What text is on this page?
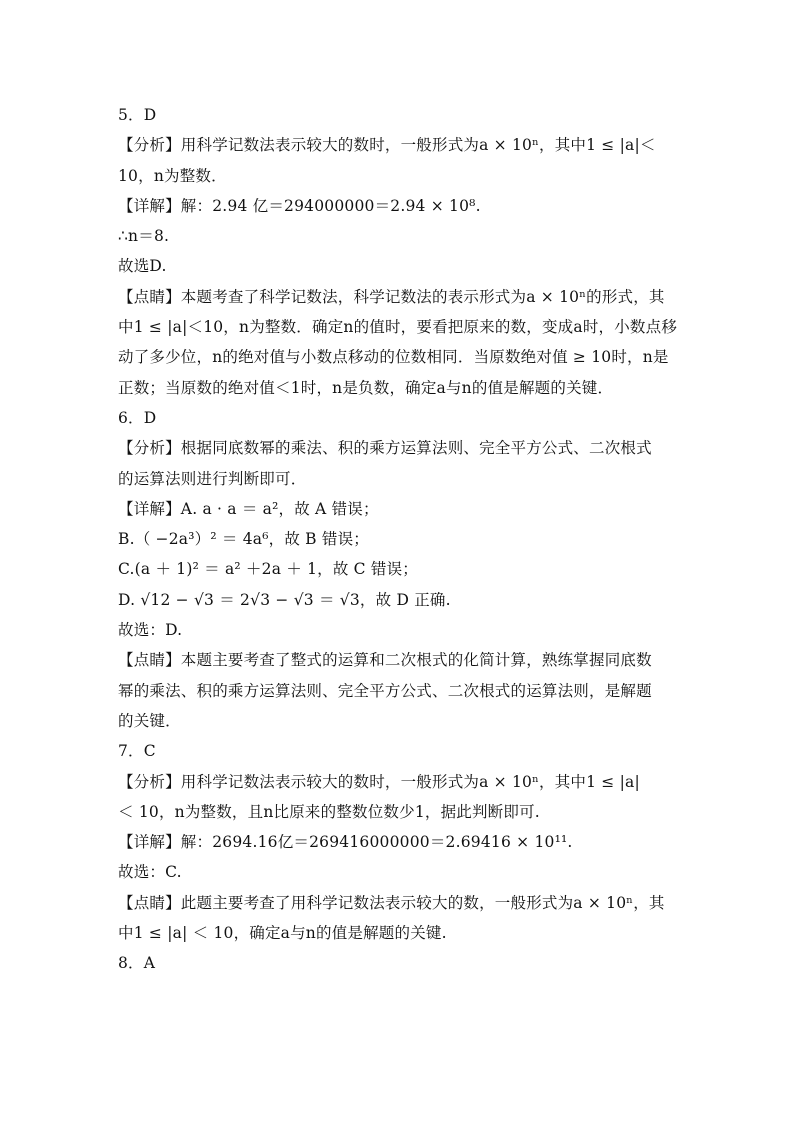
5．D
【分析】用科学记数法表示较大的数时，一般形式为a × 10ⁿ，其中1 ≤ |a|＜
10，n为整数．
【详解】解：2.94 亿＝294000000＝2.94 × 10⁸.
∴n＝8.
故选D.
【点睛】本题考查了科学记数法，科学记数法的表示形式为a × 10ⁿ的形式，其
中1 ≤ |a|＜10，n为整数．确定n的值时，要看把原来的数，变成a时，小数点移
动了多少位，n的绝对值与小数点移动的位数相同．当原数绝对值 ≥ 10时，n是
正数；当原数的绝对值＜1时，n是负数，确定a与n的值是解题的关键．
6．D
【分析】根据同底数幂的乘法、积的乘方运算法则、完全平方公式、二次根式
的运算法则进行判断即可．
【详解】A. a · a ＝ a²，故 A 错误；
B.（ −2a³）² ＝ 4a⁶，故 B 错误；
C.(a ＋ 1)² ＝ a² ＋2a ＋ 1，故 C 错误；
D. √12 − √3 ＝ 2√3 − √3 ＝ √3，故 D 正确.
故选：D.
【点睛】本题主要考查了整式的运算和二次根式的化简计算，熟练掌握同底数
幂的乘法、积的乘方运算法则、完全平方公式、二次根式的运算法则，是解题
的关键．
7．C
【分析】用科学记数法表示较大的数时，一般形式为a × 10ⁿ，其中1 ≤ |a|
＜ 10，n为整数，且n比原来的整数位数少1，据此判断即可.
【详解】解：2694.16亿＝269416000000＝2.69416 × 10¹¹.
故选：C.
【点睛】此题主要考查了用科学记数法表示较大的数，一般形式为a × 10ⁿ，其
中1 ≤ |a| ＜ 10，确定a与n的值是解题的关键.
8．A
